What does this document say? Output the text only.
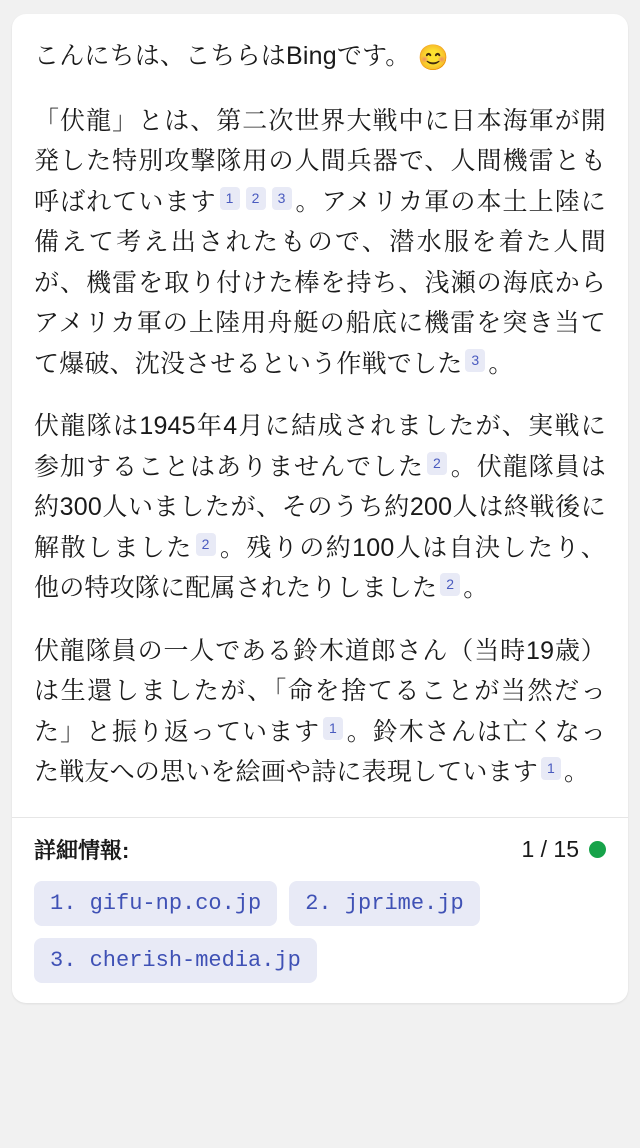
こんにちは、こちらはBingです。 😊

「伏龍」とは、第二次世界大戦中に日本海軍が開発した特別攻撃隊用の人間兵器で、人間機雷とも呼ばれています $^1$ $^2$ $^3$ 。アメリカ軍の本土上陸に備えて考え出されたもので、潜水服を着た人間が、機雷を取り付けた棒を持ち、浅瀬の海底からアメリカ軍の上陸用舟艇の船底に機雷を突き当てて爆破、沈没させるという作戦でした $^3$ 。

伏龍隊は1945年4月に結成されましたが、実戦に参加することはありませんでした $^2$ 。伏龍隊員は約300人いましたが、そのうち約200人は終戦後に解散しました $^2$ 。残りの約100人は自決したり、他の特攻隊に配属されたりしました $^2$ 。

伏龍隊員の一人である鈴木道郎さん（当時19歳）は生還しましたが、「命を捨てることが当然だった」と振り返っています $^1$ 。鈴木さんは亡くなった戦友への思いを絵画や詩に表現しています $^1$ 。

詳細情報:	1 / 15
1. gifu-np.co.jp	2. jprime.jp
3. cherish-media.jp
